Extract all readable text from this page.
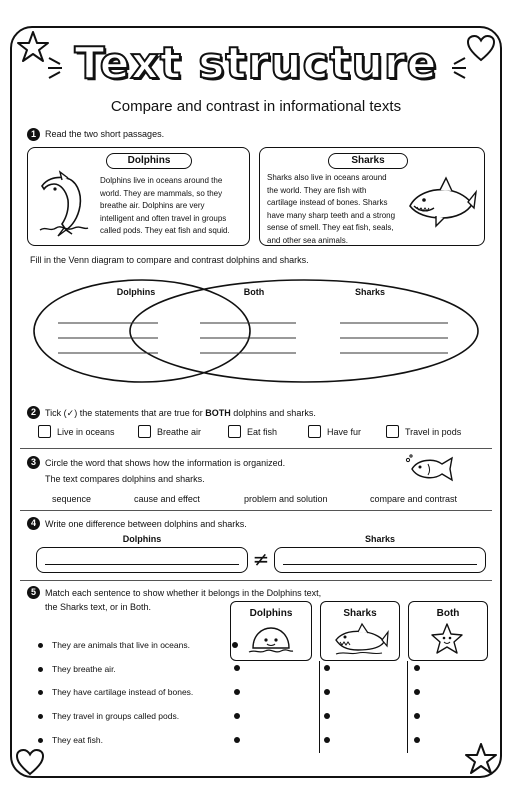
Text structure
Compare and contrast in informational texts
1	Read the two short passages.
Dolphins
Dolphins live in oceans around the
world. They are mammals, so they
breathe air. Dolphins are very
intelligent and often travel in groups
called pods. They eat fish and squid.
Sharks
Sharks also live in oceans around
the world. They are fish with
cartilage instead of bones. Sharks
have many sharp teeth and a strong
sense of smell. They eat fish, seals,
and other sea animals.
Fill in the Venn diagram to compare and contrast dolphins and sharks.
Dolphins	Both	Sharks
2	Tick (✓) the statements that are true for BOTH dolphins and sharks.
Live in oceans	Breathe air	Eat fish	Have fur	Travel in pods
3	Circle the word that shows how the information is organized.
The text compares dolphins and sharks.
sequence	cause and effect	problem and solution	compare and contrast
4	Write one difference between dolphins and sharks.
Dolphins	Sharks
≠
5	Match each sentence to show whether it belongs in the Dolphins text,
the Sharks text, or in Both.
Dolphins	Sharks	Both
They are animals that live in oceans.
They breathe air.
They have cartilage instead of bones.
They travel in groups called pods.
They eat fish.
